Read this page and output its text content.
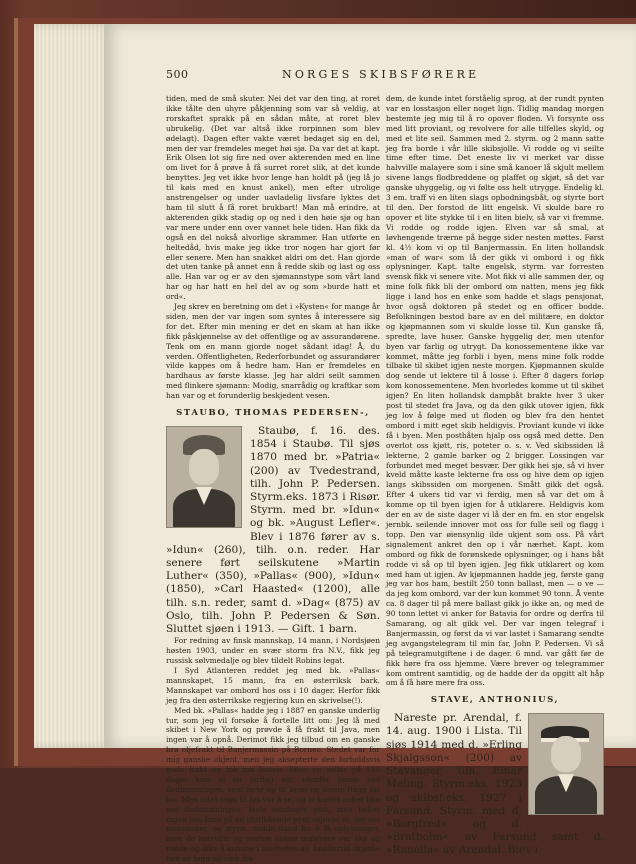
500	NORGES SKIBSFØRERE

tiden, med de små skuter. Nei det var den ting, at roret ikke tålte den uhyre påkjenning som var så veldig, at rorskaftet sprakk på en sådan måte, at roret blev ubrukelig. (Det var altså ikke rorpinnen som blev ødelagt). Dagen efter vakte været bedaget sig en del, men der var fremdeles meget høi sjø. Da var det at kapt. Erik Olsen lot sig fire ned over akterenden med en line om livet for å prøve å få surret roret slik, at det kunde benyttes. Jeg vet ikke hvor lenge han holdt på (jeg lå jo til køis med en knust ankel), men efter utrolige anstrengelser og under uavladelig livsfare lyktes det ham til slutt å få roret brukbart! Man må erindre, at akterenden gikk stadig op og ned i den høie sjø og han var mere under enn over vannet hele tiden. Han fikk da også en del nokså alvorlige skrammer. Han utførte en heltedåd, hvis make jeg ikke tror nogen har gjort før eller senere. Men han snakket aldri om det. Han gjorde det uten tanke på annet enn å redde skib og last og oss alle. Han var og er av den sjømannstype som vårt land har og har hatt en hel del av og som »burde hatt et ord«.

Jeg skrev en beretning om det i »Kysten« for mange år siden, men der var ingen som syntes å interessere sig for det. Efter min mening er det en skam at han ikke fikk påskjønnelse av det offentlige og av assurandørene. Tenk om en mann gjorde noget sådant idag! Å, du verden. Offentligheten, Rederforbundet og assurandører vilde kappes om å hedre ham. Han er fremdeles en hardhaus av første klasse. Jeg har aldri seilt sammen med flinkere sjømann: Modig, snarrådig og kraftkar som han var og et forunderlig beskjedent vesen.

STAUBO, THOMAS PEDERSEN-,

Staubø, f. 16. des. 1854 i Staubø. Til sjøs 1870 med br. »Patria« (200) av Tvedestrand, tilh. John P. Pedersen. Styrm.eks. 1873 i Risør. Styrm. med br. »Idun« og bk. »August Lefler«. Blev i 1876 fører av s. »Idun« (260), tilh. o.n. reder. Har senere ført seilskutene »Martin Luther« (350), »Pallas« (900), »Idun« (1850), »Carl Haasted« (1200), alle tilh. s.n. reder, samt d. »Dag« (875) av Oslo, tilh. John P. Pedersen & Søn. Sluttet sjøen i 1913. — Gift. 1 barn.

For redning av finsk mannskap, 14 mann, i Nordsjøen høsten 1903, under en svær storm fra N.V., fikk jeg russisk sølvmedalje og blev tildelt Robins legat.

I Syd Atlanteren reddet jeg med bk. »Pallas« mannskapet, 15 mann, fra en østerriksk bark. Mannskapet var ombord hos oss i 10 dager. Herfor fikk jeg fra den østerrikske regjering kun en skrivelse(!).

Med bk. »Pallas« hadde jeg i 1887 en ganske underlig tur, som jeg vil forsøke å fortelle litt om: Jeg lå med skibet i New York og prøvde å få frakt til Java, men ingen var å opnå. Derimot fikk jeg tilbud om en ganske bra oljefrakt til Banjermassin på Borneo. Stedet var for mig ganske ukjent, men jeg aksepterte den forholdsvis gode frakt og tok inn lasten. Efter en seilas på 110 dager kom vi en lørdag em. utenfor baren ved flodmunningen, som førte op til byen og heiste flagg for los. Men intet tegn til los var å se, og vi kastet anker like ved flodmunningen. Hele søndagen gikk, men heller ingen los. Inne på en utstikkende pynt skjønte vi, der var mennesker, og styrm. rodde iland for å få oplysninger, men de halvville og nesten nakne malayere var sky og rodde og ikke å komme i nærheten av. Imidlertid skjønte han av tegn og vink fra

dem, de kunde intet forståelig sprog, at der rundt pynten var en losstasjon eller noget lign. Tidlig mandag morgen bestemte jeg mig til å ro opover floden. Vi forsynte oss med litt proviant, og revolvere for alle tilfelles skyld, og med et lite seil. Sammen med 2. styrm. og 2 mann satte jeg fra borde i vår lille skibsjolle. Vi rodde og vi seilte time efter time. Det eneste liv vi merket var disse halvville malayere som i sine små kanoer lå skjult mellem sivene langs flodbreddene og plaffet og skjøt, så det var ganske uhyggelig, og vi følte oss helt utrygge. Endelig kl. 3 em. traff vi en liten slags opbodningsbåt, og styrte bort til den. Der forstod de litt engelsk. Vi skulde bare ro opover et lite stykke til i en liten bielv, så var vi fremme. Vi rodde og rodde igjen. Elven var så smal, at løvhengende trærne på begge sider nesten møttes. Først kl. 4½ kom vi op til Banjermassin. En liten hollandsk »man of war« som lå der gikk vi ombord i og fikk oplysninger. Kapt. talte engelsk, styrm. var forresten svensk fikk vi senere vite. Mot fikk vi alle sammen der, og mine folk fikk bli der ombord om natten, mens jeg fikk ligge i land hos en enke som hadde et slags pensjonat, hvor også doktoren på stedet og en officer bodde. Befolkningen bestod bare av en del militære, en doktor og kjøpmannen som vi skulde losse til. Kun ganske få, spredte, lave huser. Ganske hyggelig der, men utenfor byen var farlig og utrygt. Da konossementene ikke var kommet, måtte jeg forbli i byen, mens mine folk rodde tilbake til skibet igjen neste morgen. Kjøpmannen skulde dog sende ut lektere til å losse i. Efter 8 dagers forløp kom konossementene. Men hvorledes komme ut til skibet igjen? En liten hollandsk dampbåt brakte hver 3 uker post til stedet fra Java, og da den gikk utover igjen, fikk jeg lov å følge med ut floden og blev fra den hentet ombord i mitt eget skib heldigvis. Proviant kunde vi ikke få i byen. Men posthåten hjalp oss også med dette. Den overlot oss kjøtt, ris, poteter o. s. v. Ved skibssiden lå lekterne, 2 gamle barker og 2 brigger. Lossingen var forbundet med meget besvær. Der gikk hei sjø, så vi hver kveld måtte kaste lekterne fra oss og hive dem op igjen langs skibssiden om morgenen. Smått gikk det også. Efter 4 ukers tid var vi ferdig, men så var det om å komme op til byen igjen for å utklarere. Heldigvis kom der en av de siste dager vi lå der en fm. en stor engelsk jernbk. seilende innover mot oss for fulle seil og flagg i topp. Den var øiensynlig ilde ukjent som oss. På vårt signalement ankret den op i vår nærhet. Kapt. kom ombord og fikk de forønskede oplysninger, og i hans båt rodde vi så op til byen igjen. Jeg fikk utklarert og kom med ham ut igjen. Av kjøpmannen hadde jeg, første gang jeg var hos ham, bestilt 250 tonn ballast, men — o ve — da jeg kom ombord, var der kun kommet 90 tonn. Å vente ca. 8 dager til på mere ballast gikk jo ikke an, og med de 90 tonn lettet vi anker for Batavia for ordre og derfra til Samarang, og alt gikk vel. Der var ingen telegraf i Banjermassin, og først da vi var lastet i Samarang sendte jeg avgangstelegram til min far, John P. Pedersen. Vi så på telegramutgiftene i de dager. 6 mnd. var gått før de fikk høre fra oss hjemme. Være brever og telegrammer kom omtrent samtidig, og de hadde der da opgitt alt håp om å få høre mere fra oss.

STAVE, ANTHONIUS,

Nareste pr. Arendal, f. 14. aug. 1900 i Lista. Til sjøs 1914 med d. »Erling Skjalgsson« (200) av Stavanger, tilh. Einar Meling. Styrm.eks. 1923 og skibsf.eks. 1927 i Farsund. Styrm. med d. »Borgfred« og d. »Bratholm« av Farsund samt d. »Ranella« av Arendal. Blev i
